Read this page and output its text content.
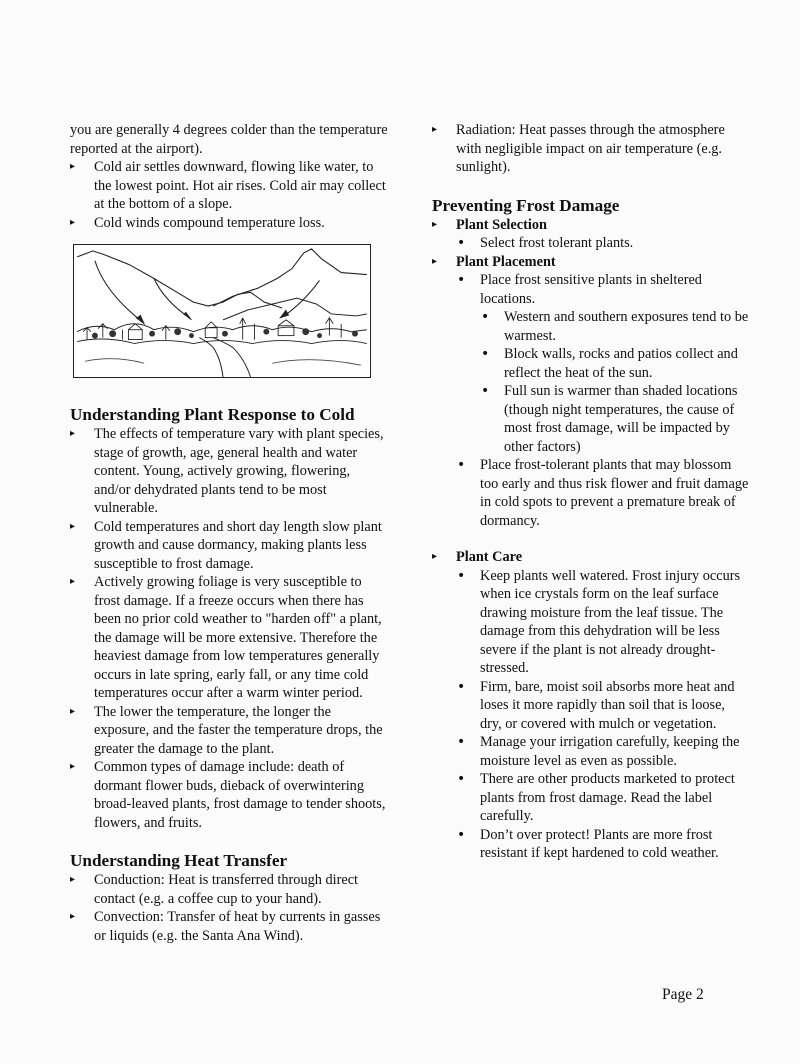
you are generally 4 degrees colder than the temperature reported at the airport).

▸ Cold air settles downward, flowing like water, to the lowest point. Hot air rises. Cold air may collect at the bottom of a slope.
▸ Cold winds compound temperature loss.
Understanding Plant Response to Cold
▸ The effects of temperature vary with plant species, stage of growth, age, general health and water content. Young, actively growing, flowering, and/or dehydrated plants tend to be most vulnerable.
▸ Cold temperatures and short day length slow plant growth and cause dormancy, making plants less susceptible to frost damage.
▸ Actively growing foliage is very susceptible to frost damage. If a freeze occurs when there has been no prior cold weather to "harden off" a plant, the damage will be more extensive. Therefore the heaviest damage from low temperatures generally occurs in late spring, early fall, or any time cold temperatures occur after a warm winter period.
▸ The lower the temperature, the longer the exposure, and the faster the temperature drops, the greater the damage to the plant.
▸ Common types of damage include: death of dormant flower buds, dieback of overwintering broad-leaved plants, frost damage to tender shoots, flowers, and fruits.
Understanding Heat Transfer
▸ Conduction: Heat is transferred through direct contact (e.g. a coffee cup to your hand).
▸ Convection: Transfer of heat by currents in gasses or liquids (e.g. the Santa Ana Wind).
▸ Radiation: Heat passes through the atmosphere with negligible impact on air temperature (e.g. sunlight).
Preventing Frost Damage
▸ Plant Selection
• Select frost tolerant plants.
▸ Plant Placement
• Place frost sensitive plants in sheltered locations.
• Western and southern exposures tend to be warmest.
• Block walls, rocks and patios collect and reflect the heat of the sun.
• Full sun is warmer than shaded locations (though night temperatures, the cause of most frost damage, will be impacted by other factors)
• Place frost-tolerant plants that may blossom too early and thus risk flower and fruit damage in cold spots to prevent a premature break of dormancy.
▸ Plant Care
• Keep plants well watered. Frost injury occurs when ice crystals form on the leaf surface drawing moisture from the leaf tissue. The damage from this dehydration will be less severe if the plant is not already drought-stressed.
• Firm, bare, moist soil absorbs more heat and loses it more rapidly than soil that is loose, dry, or covered with mulch or vegetation.
• Manage your irrigation carefully, keeping the moisture level as even as possible.
• There are other products marketed to protect plants from frost damage. Read the label carefully.
• Don’t over protect! Plants are more frost resistant if kept hardened to cold weather.
Page 2
